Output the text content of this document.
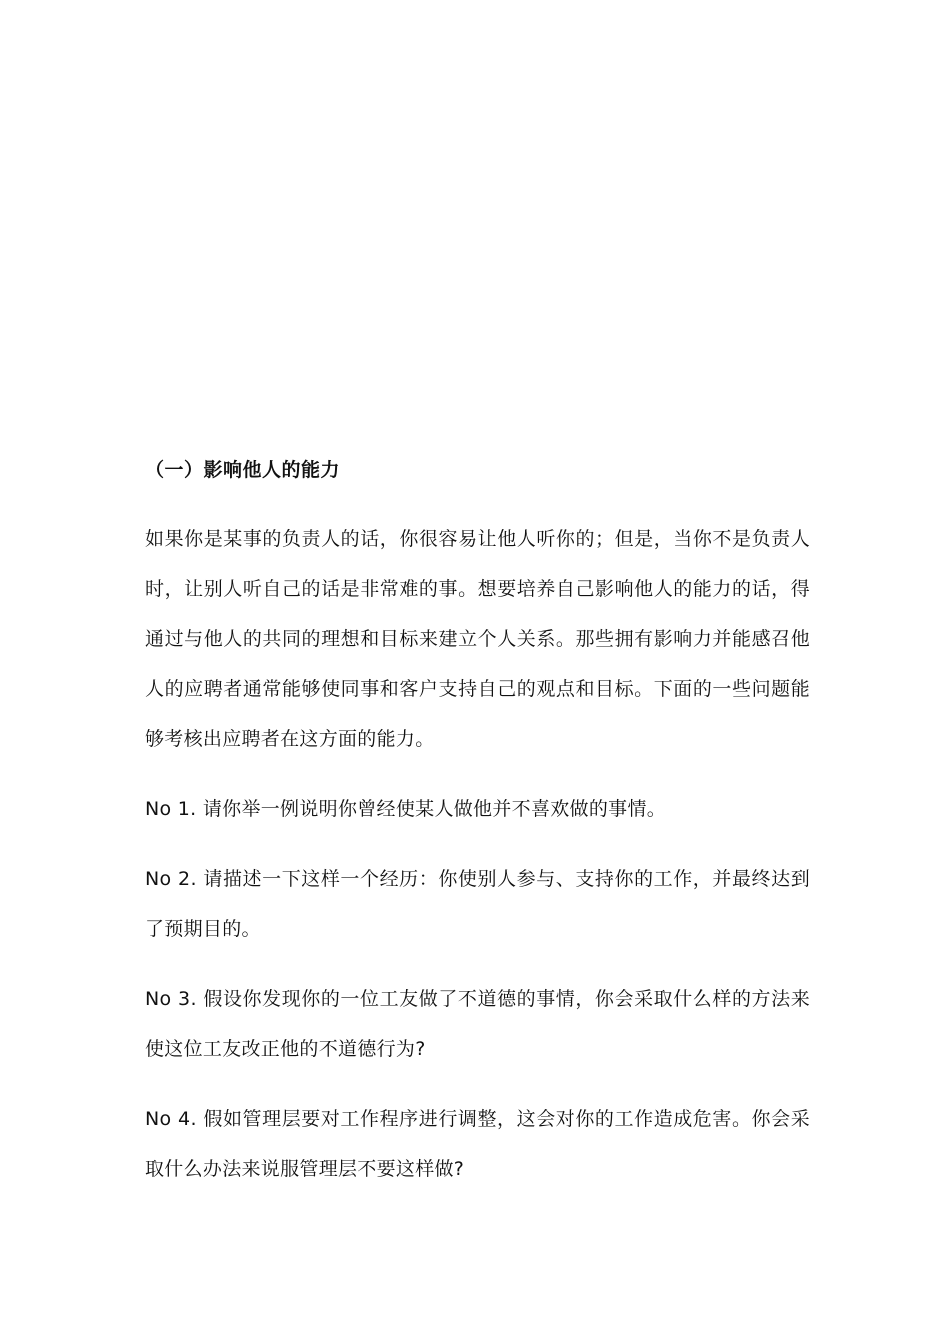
（一）影响他人的能力

如果你是某事的负责人的话，你很容易让他人听你的；但是，当你不是负责人时，让别人听自己的话是非常难的事。想要培养自己影响他人的能力的话，得通过与他人的共同的理想和目标来建立个人关系。那些拥有影响力并能感召他人的应聘者通常能够使同事和客户支持自己的观点和目标。下面的一些问题能够考核出应聘者在这方面的能力。

No 1. 请你举一例说明你曾经使某人做他并不喜欢做的事情。

No 2. 请描述一下这样一个经历：你使别人参与、支持你的工作，并最终达到了预期目的。

No 3. 假设你发现你的一位工友做了不道德的事情，你会采取什么样的方法来使这位工友改正他的不道德行为?

No 4. 假如管理层要对工作程序进行调整，这会对你的工作造成危害。你会采取什么办法来说服管理层不要这样做?
